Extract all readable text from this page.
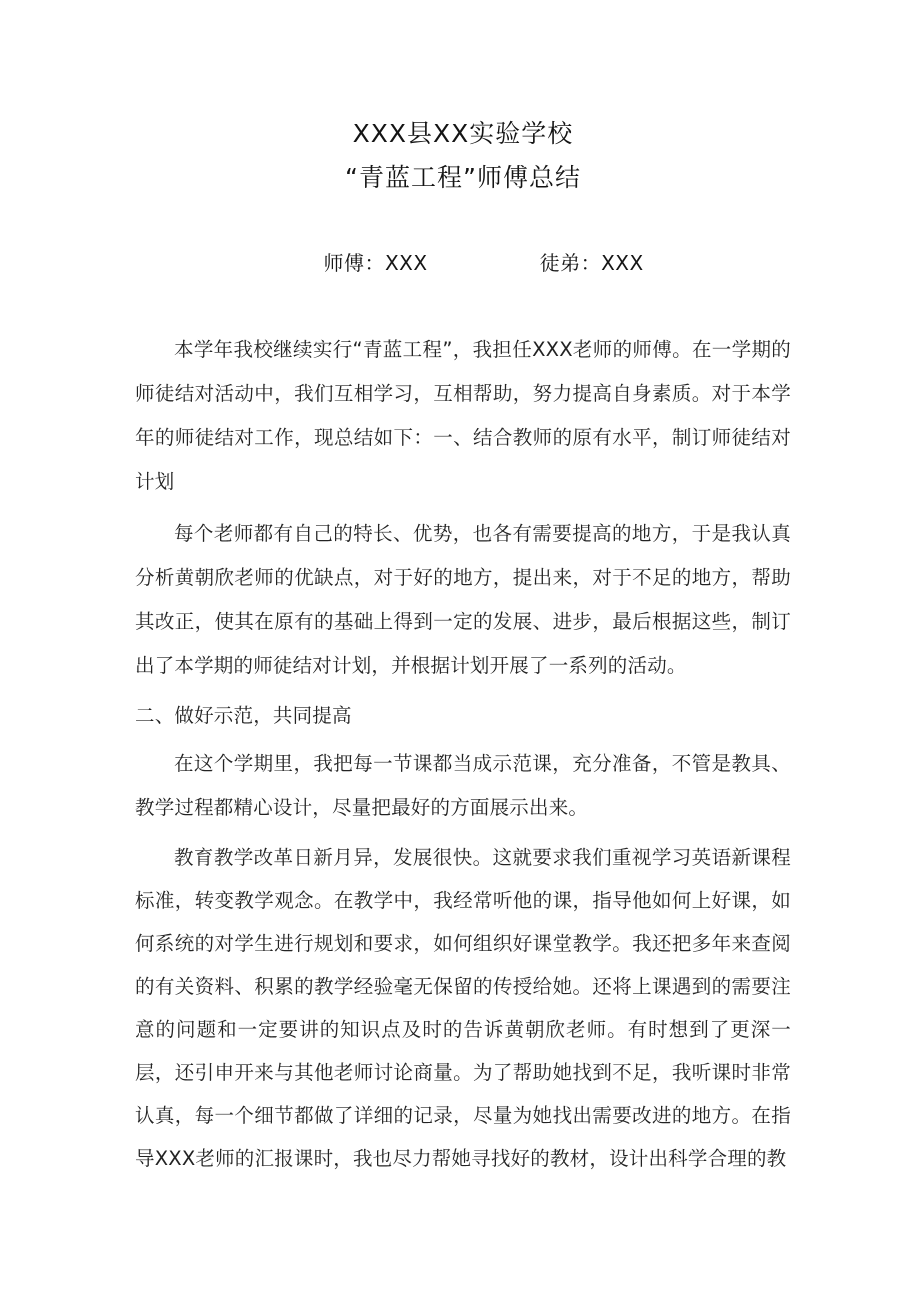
XXX县XX实验学校
“青蓝工程”师傅总结

师傅：XXX	徒弟：XXX

本学年我校继续实行“青蓝工程”，我担任XXX老师的师傅。在一学期的师徒结对活动中，我们互相学习，互相帮助，努力提高自身素质。对于本学年的师徒结对工作，现总结如下：一、结合教师的原有水平，制订师徒结对计划

每个老师都有自己的特长、优势，也各有需要提高的地方，于是我认真分析黄朝欣老师的优缺点，对于好的地方，提出来，对于不足的地方，帮助其改正，使其在原有的基础上得到一定的发展、进步，最后根据这些，制订出了本学期的师徒结对计划，并根据计划开展了一系列的活动。

二、做好示范，共同提高

在这个学期里，我把每一节课都当成示范课，充分准备，不管是教具、教学过程都精心设计，尽量把最好的方面展示出来。

教育教学改革日新月异，发展很快。这就要求我们重视学习英语新课程标准，转变教学观念。在教学中，我经常听他的课，指导他如何上好课，如何系统的对学生进行规划和要求，如何组织好课堂教学。我还把多年来查阅的有关资料、积累的教学经验毫无保留的传授给她。还将上课遇到的需要注意的问题和一定要讲的知识点及时的告诉黄朝欣老师。有时想到了更深一层，还引申开来与其他老师讨论商量。为了帮助她找到不足，我听课时非常认真，每一个细节都做了详细的记录，尽量为她找出需要改进的地方。在指导XXX老师的汇报课时，我也尽力帮她寻找好的教材，设计出科学合理的教
